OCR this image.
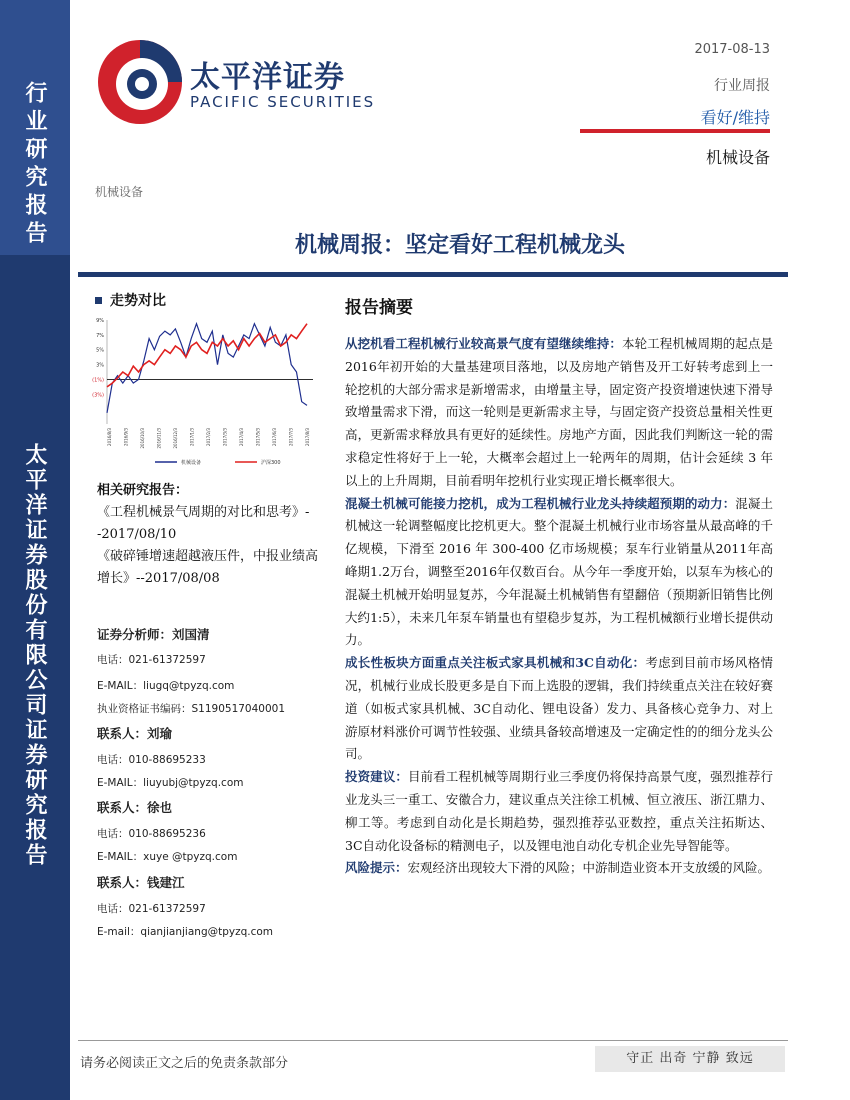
行业研究报告
太平洋证券股份有限公司证券研究报告
太平洋证券
PACIFIC SECURITIES
2017-08-13
行业周报
看好/维持
机械设备
机械设备
机械周报：坚定看好工程机械龙头
走势对比
9%
7%
5%
3%
(1%)
(3%)
2016/8/3	2016/9/3	2016/10/3	2016/11/3	2016/12/3	2017/1/3	2017/2/3	2017/3/3	2017/4/3	2017/5/3	2017/6/3	2017/7/3	2017/8/3
机械设备	沪深300
相关研究报告：
《工程机械景气周期的对比和思考》--2017/08/10
《破碎锤增速超越液压件，中报业绩高增长》--2017/08/08
证券分析师：刘国清
电话：021-61372597
E-MAIL：liugq@tpyzq.com
执业资格证书编码：S1190517040001
联系人：刘瑜
电话：010-88695233
E-MAIL：liuyubj@tpyzq.com
联系人：徐也
电话：010-88695236
E-MAIL：xuye @tpyzq.com
联系人：钱建江
电话：021-61372597
E-mail：qianjianjiang@tpyzq.com
报告摘要

从挖机看工程机械行业较高景气度有望继续维持：本轮工程机械周期的起点是2016年初开始的大量基建项目落地，以及房地产销售及开工好转考虑到上一轮挖机的大部分需求是新增需求，由增量主导，固定资产投资增速快速下滑导致增量需求下滑，而这一轮则是更新需求主导，与固定资产投资总量相关性更高，更新需求释放具有更好的延续性。房地产方面，因此我们判断这一轮的需求稳定性将好于上一轮，大概率会超过上一轮两年的周期，估计会延续 3 年以上的上升周期，目前看明年挖机行业实现正增长概率很大。

混凝土机械可能接力挖机，成为工程机械行业龙头持续超预期的动力：混凝土机械这一轮调整幅度比挖机更大。整个混凝土机械行业市场容量从最高峰的千亿规模，下滑至 2016 年 300-400 亿市场规模；泵车行业销量从2011年高峰期1.2万台，调整至2016年仅数百台。从今年一季度开始，以泵车为核心的混凝土机械开始明显复苏，今年混凝土机械销售有望翻倍（预期新旧销售比例大约1:5），未来几年泵车销量也有望稳步复苏，为工程机械额行业增长提供动力。

成长性板块方面重点关注板式家具机械和3C自动化：考虑到目前市场风格情况，机械行业成长股更多是自下而上选股的逻辑，我们持续重点关注在较好赛道（如板式家具机械、3C自动化、锂电设备）发力、具备核心竞争力、对上游原材料涨价可调节性较强、业绩具备较高增速及一定确定性的的细分龙头公司。

投资建议：目前看工程机械等周期行业三季度仍将保持高景气度，强烈推荐行业龙头三一重工、安徽合力，建议重点关注徐工机械、恒立液压、浙江鼎力、柳工等。考虑到自动化是长期趋势，强烈推荐弘亚数控，重点关注拓斯达、3C自动化设备标的精测电子，以及锂电池自动化专机企业先导智能等。

风险提示：宏观经济出现较大下滑的风险；中游制造业资本开支放缓的风险。

请务必阅读正文之后的免责条款部分	守正 出奇 宁静 致远
